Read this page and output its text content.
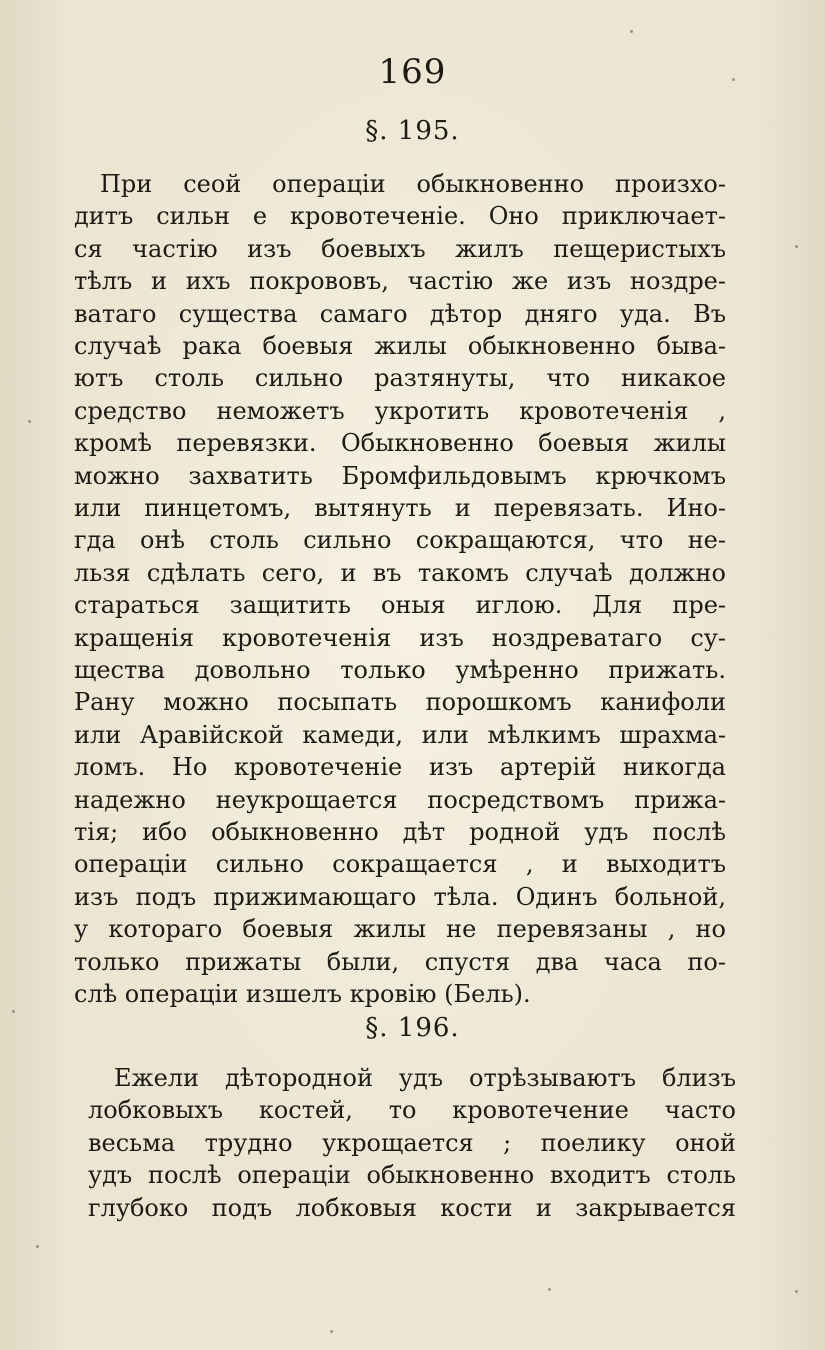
169
§. 195.
При сеой операціи обыкновенно произхо-
дитъ сильн е кровотеченіе. Оно приключает-
ся частію изъ боевыхъ жилъ пещеристыхъ
тѣлъ и ихъ покрововъ, частію же изъ ноздре-
ватаго существа самаго дѣтор дняго уда. Въ
случаѣ рака боевыя жилы обыкновенно быва-
ютъ столь сильно разтянуты, что никакое
средство неможетъ укротить кровотеченія ,
кромѣ перевязки. Обыкновенно боевыя жилы
можно захватить Бромфильдовымъ крючкомъ
или пинцетомъ, вытянуть и перевязать. Ино-
гда онѣ столь сильно сокращаются, что не-
льзя сдѣлать сего, и въ такомъ случаѣ должно
стараться защитить оныя иглою. Для пре-
кращенія кровотеченія изъ ноздреватаго су-
щества довольно только умѣренно прижать.
Рану можно посыпать порошкомъ канифоли
или Аравійской камеди, или мѣлкимъ шрахма-
ломъ. Но кровотеченіе изъ артерій никогда
надежно неукрощается посредствомъ прижа-
тія; ибо обыкновенно дѣт родной удъ послѣ
операціи сильно сокращается , и выходитъ
изъ подъ прижимающаго тѣла. Одинъ больной,
у котораго боевыя жилы не перевязаны , но
только прижаты были, спустя два часа по-
слѣ операціи изшелъ кровію (Бель).
§. 196.
Ежели дѣтородной удъ отрѣзываютъ близъ
лобковыхъ костей, то кровотечение часто
весьма трудно укрощается ; поелику оной
удъ послѣ операціи обыкновенно входитъ столь
глубоко подъ лобковыя кости и закрывается
